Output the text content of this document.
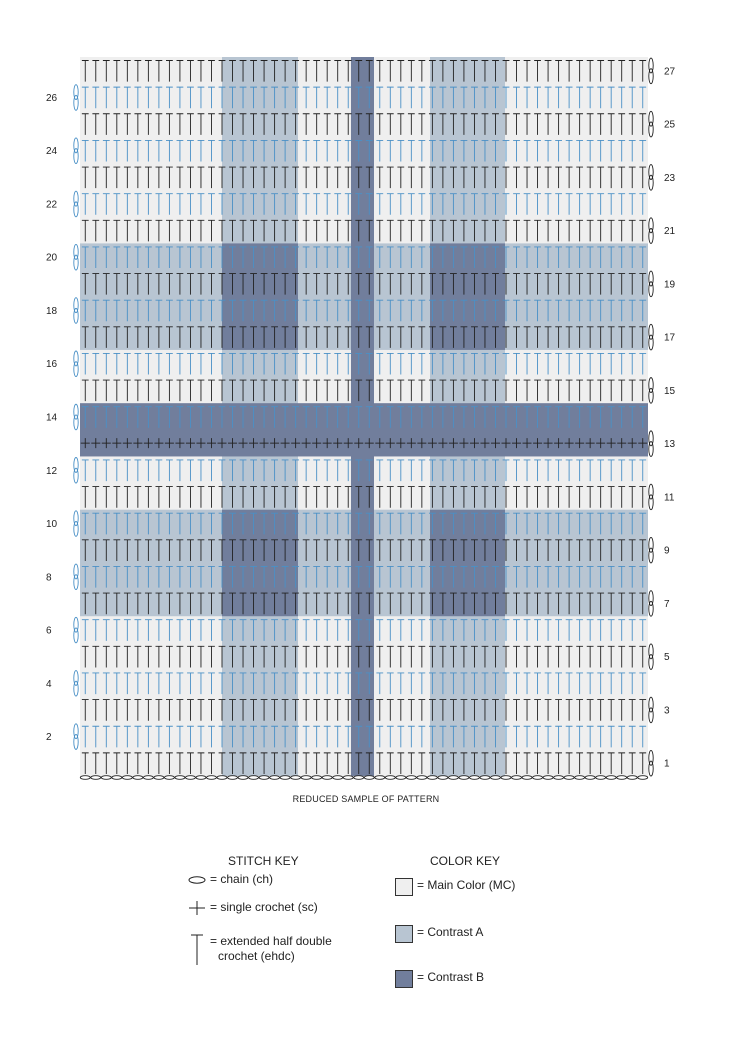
26
24
22
20
18
16
14
12
10
8
6
4
2
27
25
23
21
19
17
15
13
11
9
7
5
3
1
REDUCED SAMPLE OF PATTERN
STITCH KEY
= chain (ch)
= single crochet (sc)
= extended half double
crochet (ehdc)
COLOR KEY
= Main Color (MC)
= Contrast A
= Contrast B
